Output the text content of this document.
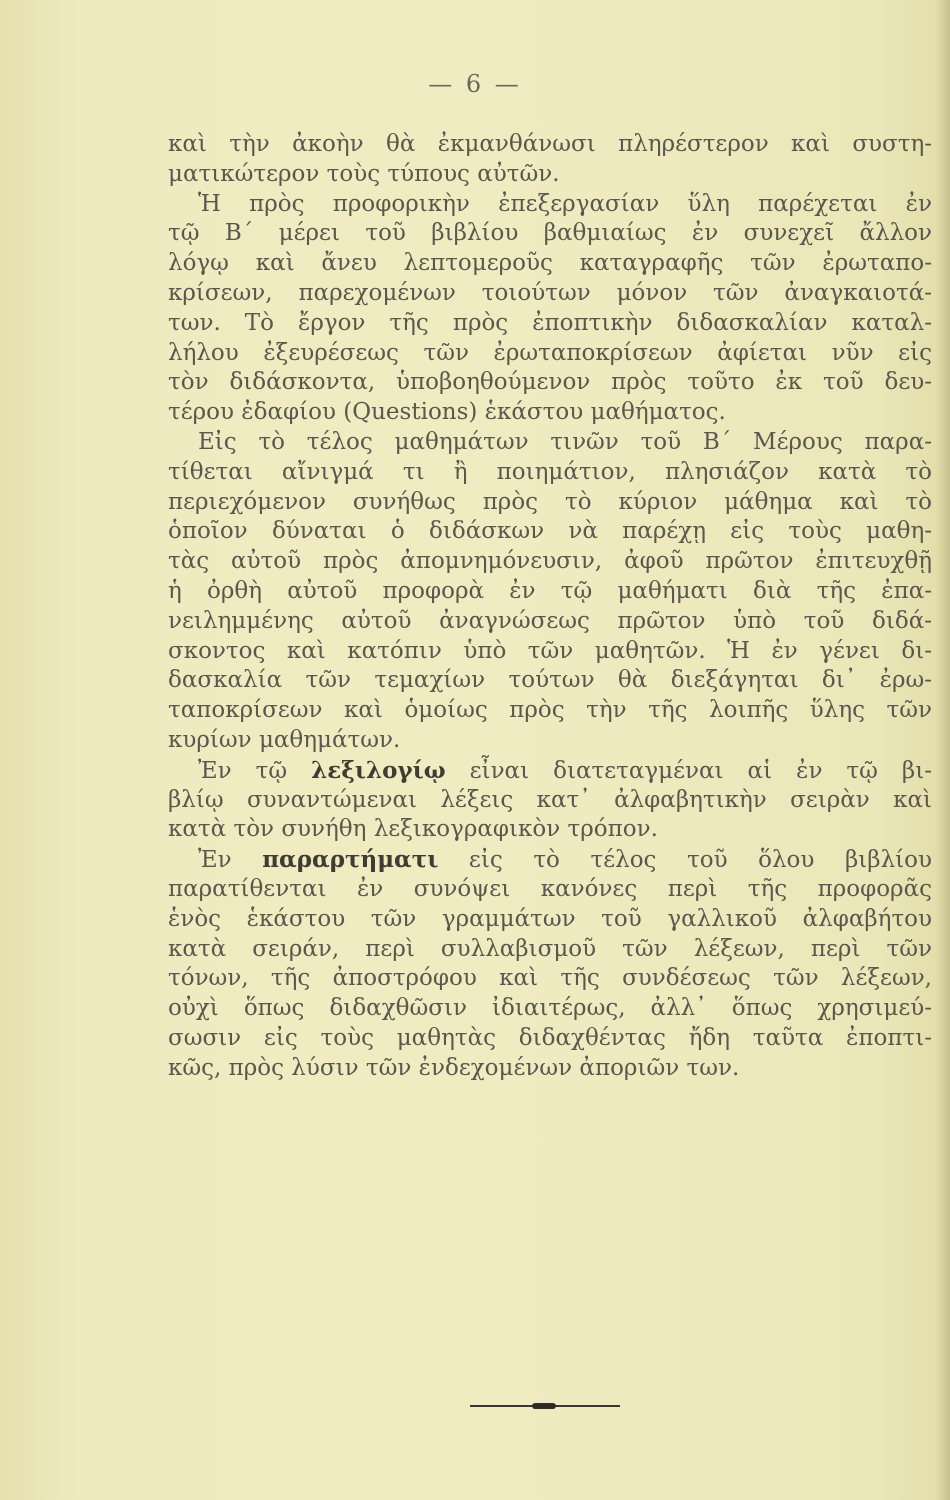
— 6 —
καὶ τὴν ἀκοὴν θὰ ἐκμανθάνωσι πληρέστερον καὶ συστη-
ματικώτερον τοὺς τύπους αὐτῶν.
Ἡ πρὸς προφορικὴν ἐπεξεργασίαν ὕλη παρέχεται ἐν
τῷ Β´ μέρει τοῦ βιβλίου βαθμιαίως ἐν συνεχεῖ ἄλλον
λόγῳ καὶ ἄνευ λεπτομεροῦς καταγραφῆς τῶν ἐρωταπο-
κρίσεων, παρεχομένων τοιούτων μόνον τῶν ἀναγκαιοτά-
των. Τὸ ἔργον τῆς πρὸς ἐποπτικὴν διδασκαλίαν καταλ-
λήλου ἐξευρέσεως τῶν ἐρωταποκρίσεων ἀφίεται νῦν εἰς
τὸν διδάσκοντα, ὑποβοηθούμενον πρὸς τοῦτο ἐκ τοῦ δευ-
τέρου ἐδαφίου (Questions) ἑκάστου μαθήματος.
Εἰς τὸ τέλος μαθημάτων τινῶν τοῦ Β´ Μέρους παρα-
τίθεται αἴνιγμά τι ἢ ποιημάτιον, πλησιάζον κατὰ τὸ
περιεχόμενον συνήθως πρὸς τὸ κύριον μάθημα καὶ τὸ
ὁποῖον δύναται ὁ διδάσκων νὰ παρέχῃ εἰς τοὺς μαθη-
τὰς αὐτοῦ πρὸς ἀπομνημόνευσιν, ἀφοῦ πρῶτον ἐπιτευχθῇ
ἡ ὀρθὴ αὐτοῦ προφορὰ ἐν τῷ μαθήματι διὰ τῆς ἐπα-
νειλημμένης αὐτοῦ ἀναγνώσεως πρῶτον ὑπὸ τοῦ διδά-
σκοντος καὶ κατόπιν ὑπὸ τῶν μαθητῶν. Ἡ ἐν γένει δι-
δασκαλία τῶν τεμαχίων τούτων θὰ διεξάγηται δι᾽ ἐρω-
ταποκρίσεων καὶ ὁμοίως πρὸς τὴν τῆς λοιπῆς ὕλης τῶν
κυρίων μαθημάτων.
Ἐν τῷ λεξιλογίῳ εἶναι διατεταγμέναι αἱ ἐν τῷ βι-
βλίῳ συναντώμεναι λέξεις κατ᾽ ἀλφαβητικὴν σειρὰν καὶ
κατὰ τὸν συνήθη λεξικογραφικὸν τρόπον.
Ἐν παραρτήματι εἰς τὸ τέλος τοῦ ὅλου βιβλίου
παρατίθενται ἐν συνόψει κανόνες περὶ τῆς προφορᾶς
ἑνὸς ἑκάστου τῶν γραμμάτων τοῦ γαλλικοῦ ἀλφαβήτου
κατὰ σειράν, περὶ συλλαβισμοῦ τῶν λέξεων, περὶ τῶν
τόνων, τῆς ἀποστρόφου καὶ τῆς συνδέσεως τῶν λέξεων,
οὐχὶ ὅπως διδαχθῶσιν ἰδιαιτέρως, ἀλλ᾽ ὅπως χρησιμεύ-
σωσιν εἰς τοὺς μαθητὰς διδαχθέντας ἤδη ταῦτα ἐποπτι-
κῶς, πρὸς λύσιν τῶν ἐνδεχομένων ἀποριῶν των.
